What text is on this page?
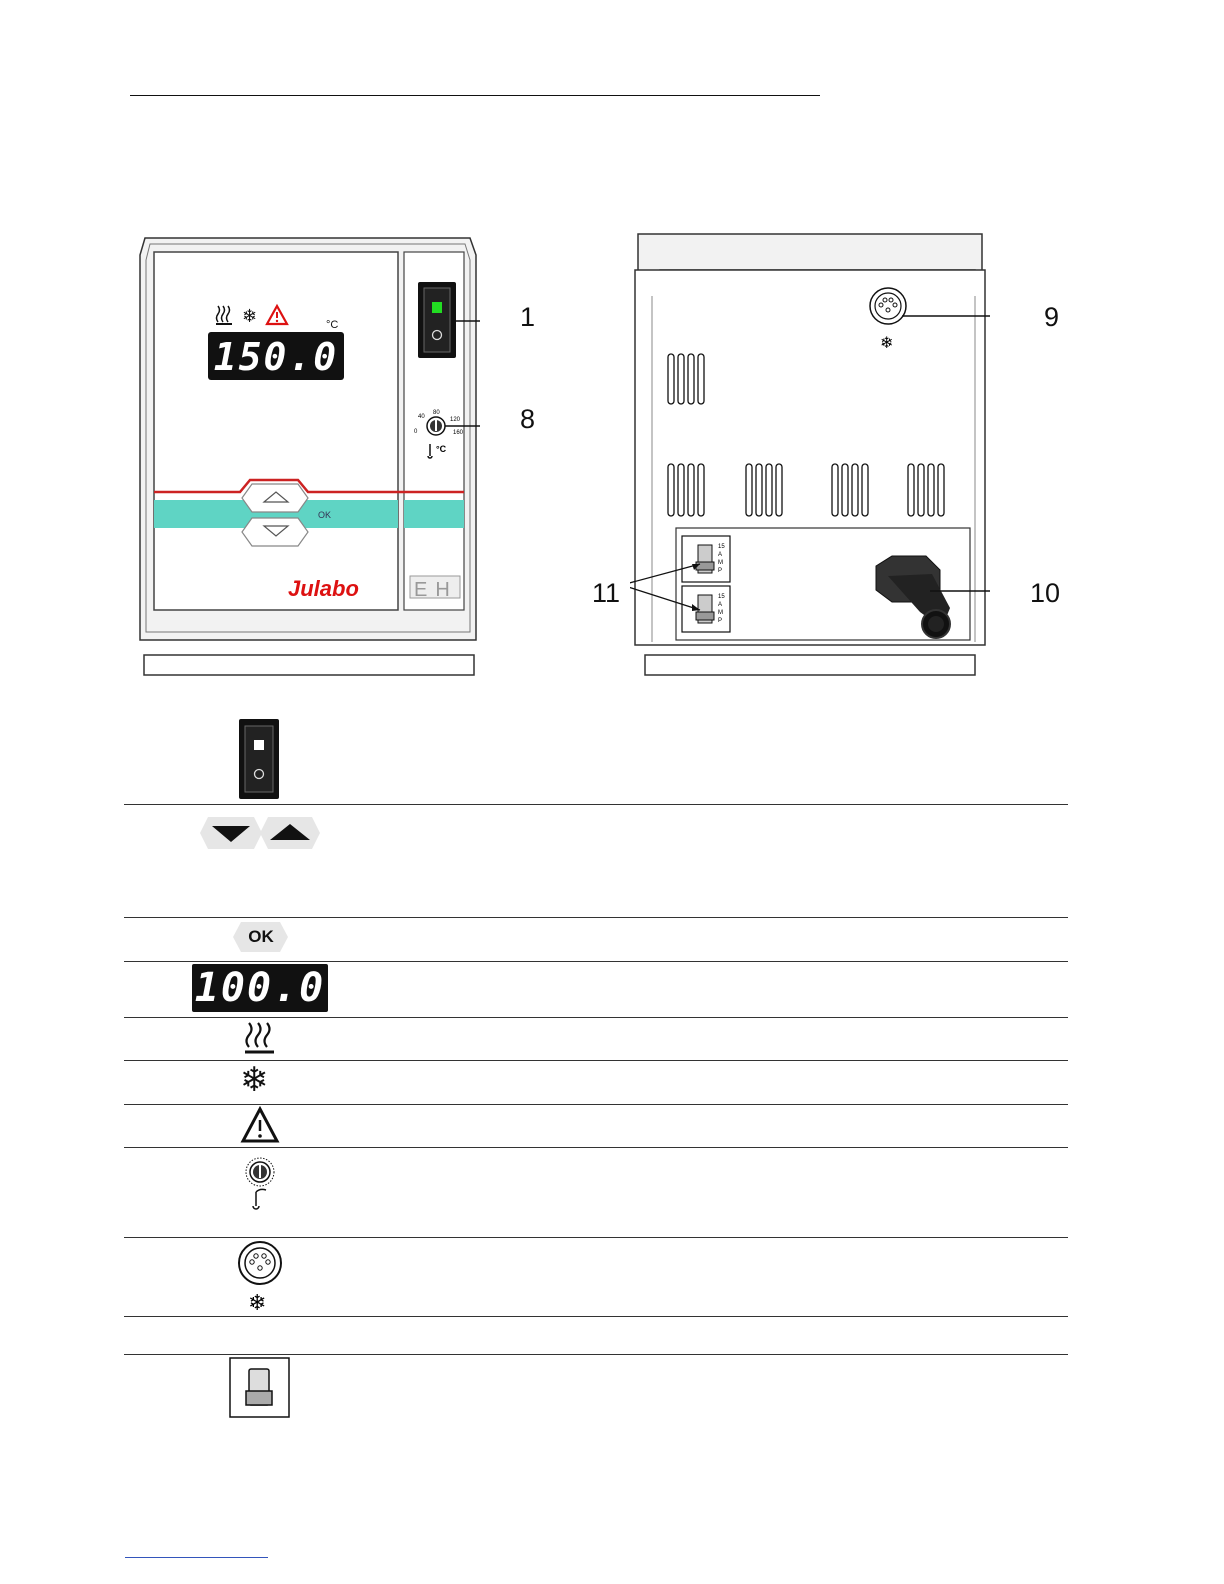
OK
❄	°C
150.0
Julabo	EH
40
80
120
160
0
°C
1
8
❄
15
A
M
P
15
A
M
P
9
10
11
OK
100.0
❄
❄
